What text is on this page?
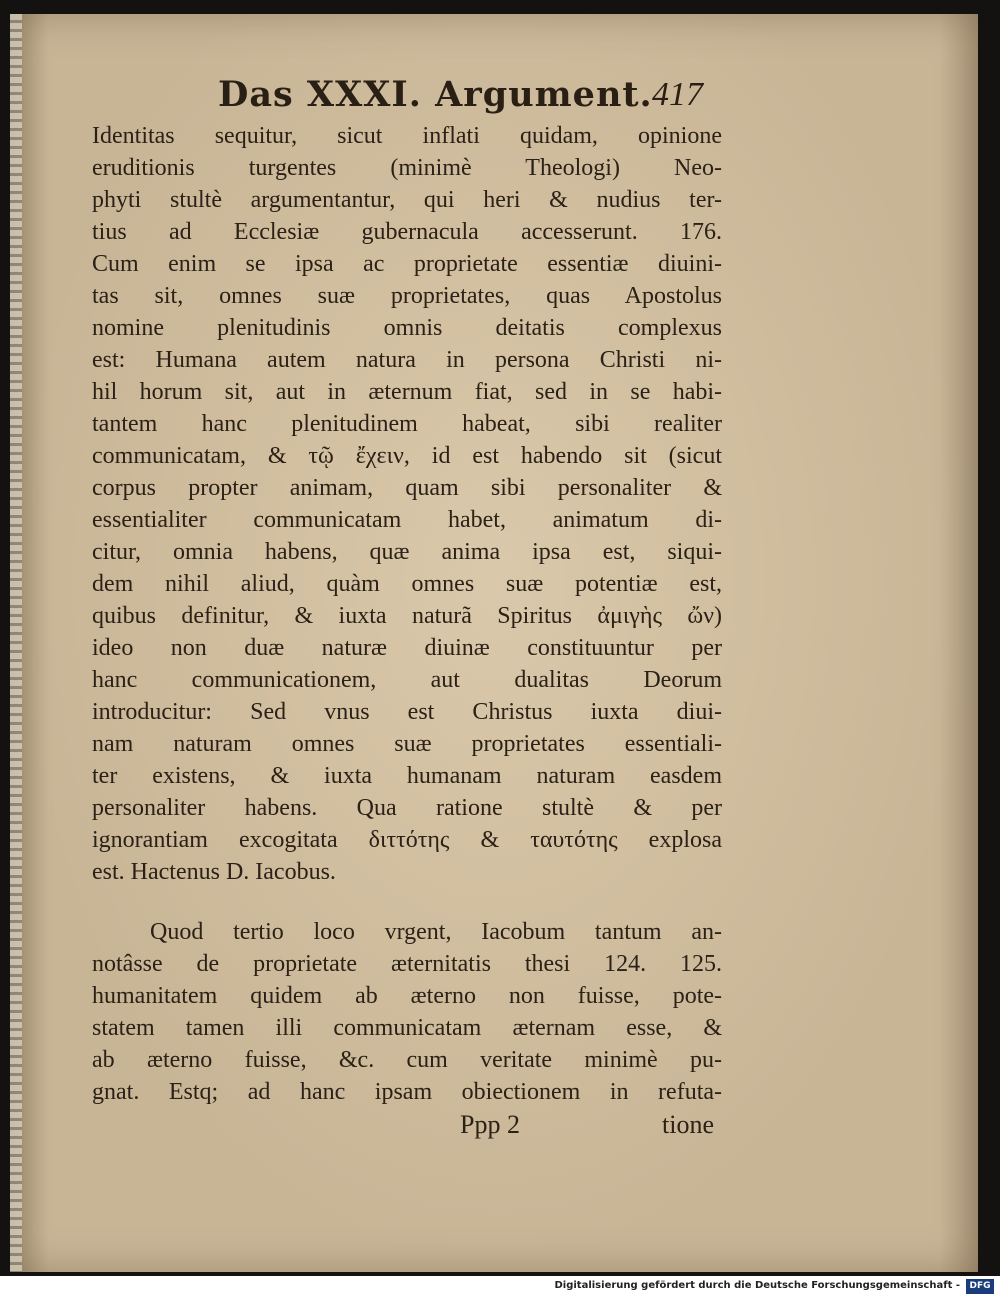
Das XXXI. Argument. 417

Identitas sequitur, sicut inflati quidam, opinione

eruditionis turgentes (minimè Theologi) Neo-

phyti stultè argumentantur, qui heri & nudius ter-

tius ad Ecclesiæ gubernacula accesserunt. 176.

Cum enim se ipsa ac proprietate essentiæ diuini-

tas sit, omnes suæ proprietates, quas Apostolus

nomine plenitudinis omnis deitatis complexus

est: Humana autem natura in persona Christi ni-

hil horum sit, aut in æternum fiat, sed in se habi-

tantem hanc plenitudinem habeat, sibi realiter

communicatam, & τῷ ἔχειν, id est habendo sit (sicut

corpus propter animam, quam sibi personaliter &

essentialiter communicatam habet, animatum di-

citur, omnia habens, quæ anima ipsa est, siqui-

dem nihil aliud, quàm omnes suæ potentiæ est,

quibus definitur, & iuxta naturã Spiritus ἀμιγὴς ὤν)

ideo non duæ naturæ diuinæ constituuntur per

hanc communicationem, aut dualitas Deorum

introducitur: Sed vnus est Christus iuxta diui-

nam naturam omnes suæ proprietates essentiali-

ter existens, & iuxta humanam naturam easdem

personaliter habens. Qua ratione stultè & per

ignorantiam excogitata διττότης & ταυτότης explosa

est. Hactenus D. Iacobus.

Quod tertio loco vrgent, Iacobum tantum an-

notâsse de proprietate æternitatis thesi 124. 125.

humanitatem quidem ab æterno non fuisse, pote-

statem tamen illi communicatam æternam esse, &

ab æterno fuisse, &c. cum veritate minimè pu-

gnat. Estq; ad hanc ipsam obiectionem in refuta-

Ppp 2	tione
Digitalisierung gefördert durch die Deutsche Forschungsgemeinschaft -	DFG
